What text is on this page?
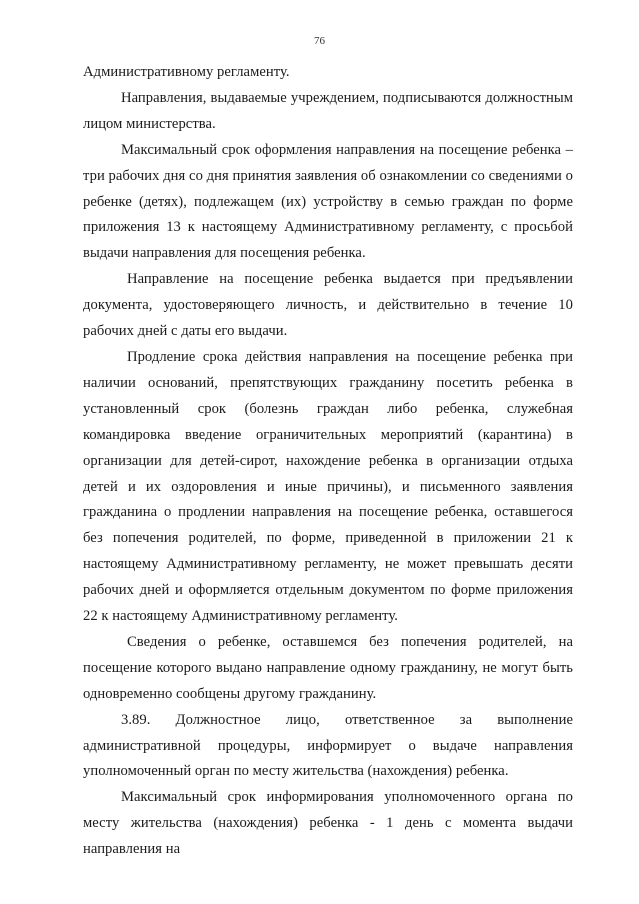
76

Административному регламенту.

Направления, выдаваемые учреждением, подписываются должностным лицом министерства.

Максимальный срок оформления направления на посещение ребенка – три рабочих дня со дня принятия заявления об ознакомлении со сведениями о ребенке (детях), подлежащем (их) устройству в семью граждан по форме приложения 13 к настоящему Административному регламенту, с просьбой выдачи направления для посещения ребенка.

Направление на посещение ребенка выдается при предъявлении документа, удостоверяющего личность, и действительно в течение 10 рабочих дней с даты его выдачи.

Продление срока действия направления на посещение ребенка при наличии оснований, препятствующих гражданину посетить ребенка в установленный срок (болезнь граждан либо ребенка, служебная командировка введение ограничительных мероприятий (карантина) в организации для детей-сирот, нахождение ребенка в организации отдыха детей и их оздоровления и иные причины), и письменного заявления гражданина о продлении направления на посещение ребенка, оставшегося без попечения родителей, по форме, приведенной в приложении 21 к настоящему Административному регламенту, не может превышать десяти рабочих дней и оформляется отдельным документом по форме приложения 22 к настоящему Административному регламенту.

Сведения о ребенке, оставшемся без попечения родителей, на посещение которого выдано направление одному гражданину, не могут быть одновременно сообщены другому гражданину.

3.89. Должностное лицо, ответственное за выполнение административной процедуры, информирует о выдаче направления уполномоченный орган по месту жительства (нахождения) ребенка.

Максимальный срок информирования уполномоченного органа по месту жительства (нахождения) ребенка - 1 день с момента выдачи направления на
